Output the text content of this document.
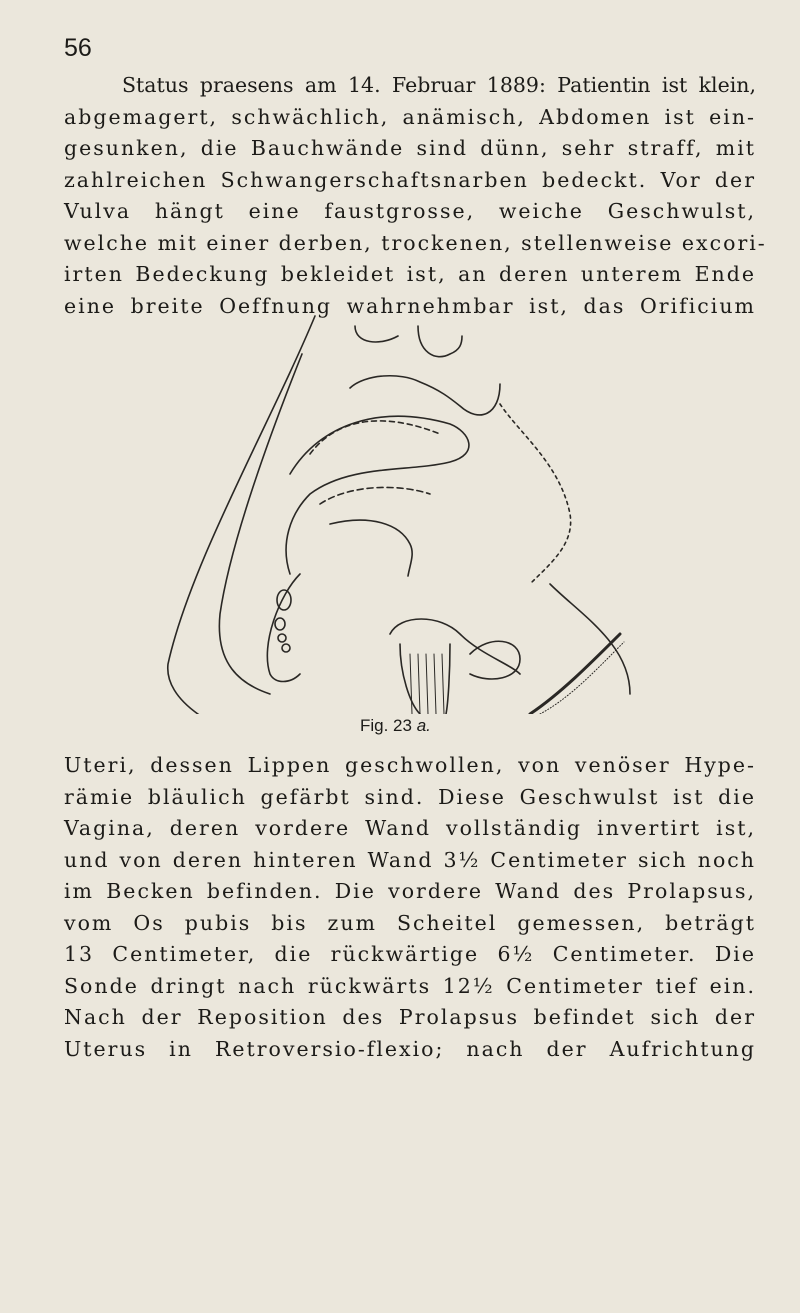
56
Status praesens am 14. Februar 1889: Patientin ist klein,
abgemagert, schwächlich, anämisch, Abdomen ist ein-
gesunken, die Bauchwände sind dünn, sehr straff, mit
zahlreichen Schwangerschaftsnarben bedeckt. Vor der
Vulva hängt eine faustgrosse, weiche Geschwulst,
welche mit einer derben, trockenen, stellenweise excori-
irten Bedeckung bekleidet ist, an deren unterem Ende
eine breite Oeffnung wahrnehmbar ist, das Orificium
Fig. 23 a.
Uteri, dessen Lippen geschwollen, von venöser Hype-
rämie bläulich gefärbt sind. Diese Geschwulst ist die
Vagina, deren vordere Wand vollständig invertirt ist,
und von deren hinteren Wand 3½ Centimeter sich noch
im Becken befinden. Die vordere Wand des Prolapsus,
vom Os pubis bis zum Scheitel gemessen, beträgt
13 Centimeter, die rückwärtige 6½ Centimeter. Die
Sonde dringt nach rückwärts 12½ Centimeter tief ein.
Nach der Reposition des Prolapsus befindet sich der
Uterus in Retroversio-flexio; nach der Aufrichtung
